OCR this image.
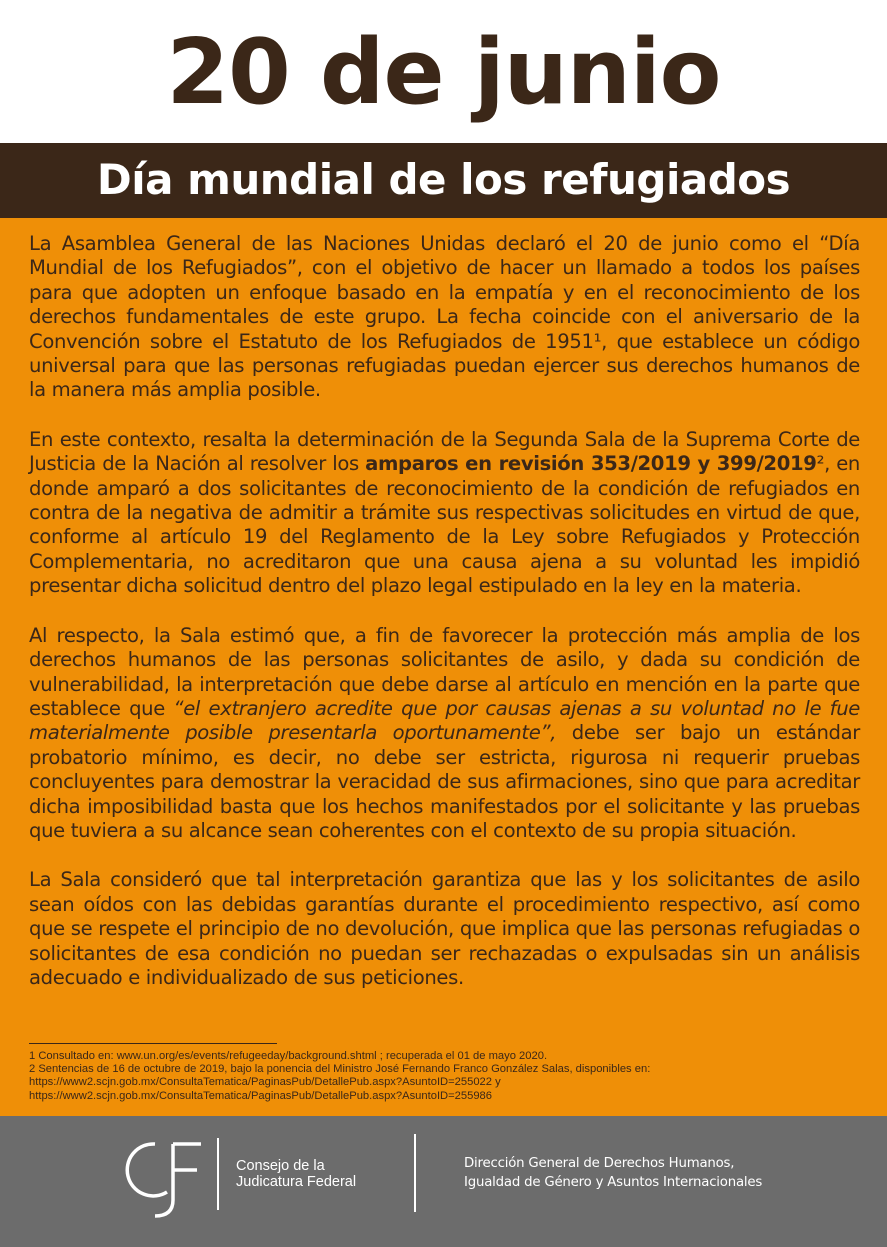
20 de junio
Día mundial de los refugiados

La Asamblea General de las Naciones Unidas declaró el 20 de junio como el “Día Mundial de los Refugiados”, con el objetivo de hacer un llamado a todos los países para que adopten un enfoque basado en la empatía y en el reconocimiento de los derechos fundamentales de este grupo. La fecha coincide con el aniversario de la Convención sobre el Estatuto de los Refugiados de 1951¹, que establece un código universal para que las personas refugiadas puedan ejercer sus derechos humanos de la manera más amplia posible.

En este contexto, resalta la determinación de la Segunda Sala de la Suprema Corte de Justicia de la Nación al resolver los amparos en revisión 353/2019 y 399/2019², en donde amparó a dos solicitantes de reconocimiento de la condición de refugiados en contra de la negativa de admitir a trámite sus respectivas solicitudes en virtud de que, conforme al artículo 19 del Reglamento de la Ley sobre Refugiados y Protección Complementaria, no acreditaron que una causa ajena a su voluntad les impidió presentar dicha solicitud dentro del plazo legal estipulado en la ley en la materia.

Al respecto, la Sala estimó que, a fin de favorecer la protección más amplia de los derechos humanos de las personas solicitantes de asilo, y dada su condición de vulnerabilidad, la interpretación que debe darse al artículo en mención en la parte que establece que “el extranjero acredite que por causas ajenas a su voluntad no le fue materialmente posible presentarla oportunamente”, debe ser bajo un estándar probatorio mínimo, es decir, no debe ser estricta, rigurosa ni requerir pruebas concluyentes para demostrar la veracidad de sus afirmaciones, sino que para acreditar dicha imposibilidad basta que los hechos manifestados por el solicitante y las pruebas que tuviera a su alcance sean coherentes con el contexto de su propia situación.

La Sala consideró que tal interpretación garantiza que las y los solicitantes de asilo sean oídos con las debidas garantías durante el procedimiento respectivo, así como que se respete el principio de no devolución, que implica que las personas refugiadas o solicitantes de esa condición no puedan ser rechazadas o expulsadas sin un análisis adecuado e individualizado de sus peticiones.

1 Consultado en: www.un.org/es/events/refugeeday/background.shtml ; recuperada el 01 de mayo 2020.
2 Sentencias de 16 de octubre de 2019, bajo la ponencia del Ministro José Fernando Franco González Salas, disponibles en:
https://www2.scjn.gob.mx/ConsultaTematica/PaginasPub/DetallePub.aspx?AsuntoID=255022 y
https://www2.scjn.gob.mx/ConsultaTematica/PaginasPub/DetallePub.aspx?AsuntoID=255986
Consejo de la
Judicatura Federal
Dirección General de Derechos Humanos,
Igualdad de Género y Asuntos Internacionales
